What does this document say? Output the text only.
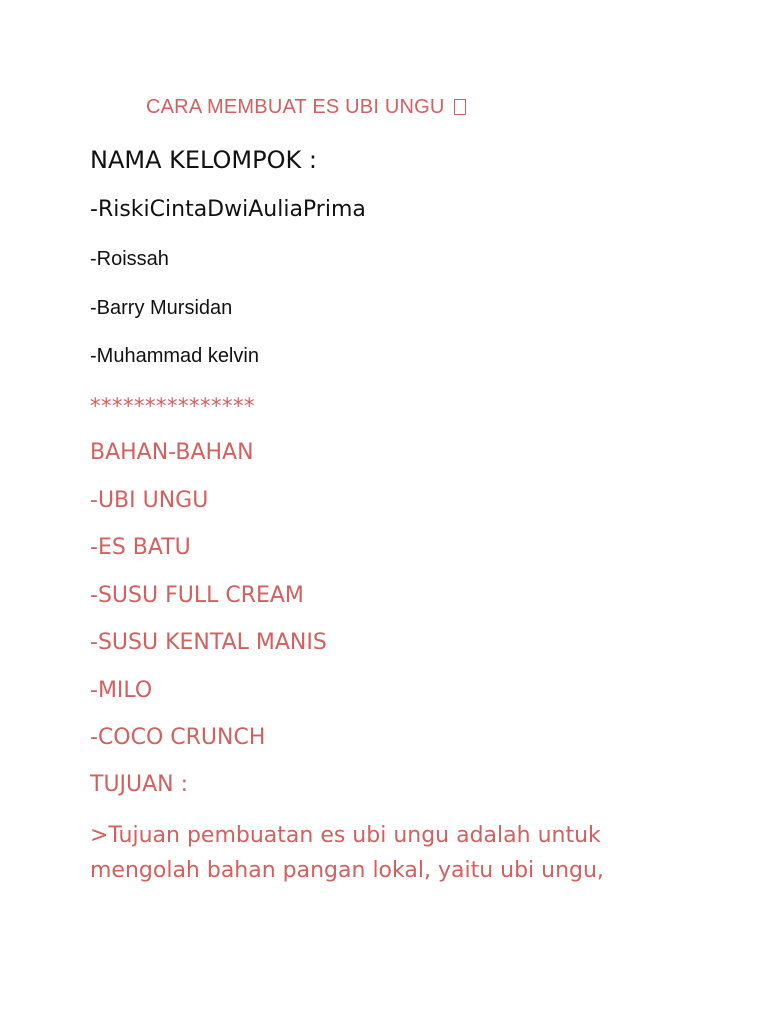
CARA MEMBUAT ES UBI UNGU

NAMA KELOMPOK :

-RiskiCintaDwiAuliaPrima

-Roissah

-Barry Mursidan

-Muhammad kelvin

***************

BAHAN-BAHAN

-UBI UNGU

-ES BATU

-SUSU FULL CREAM

-SUSU KENTAL MANIS

-MILO

-COCO CRUNCH

TUJUAN :

>Tujuan pembuatan es ubi ungu adalah untuk
mengolah bahan pangan lokal, yaitu ubi ungu,
